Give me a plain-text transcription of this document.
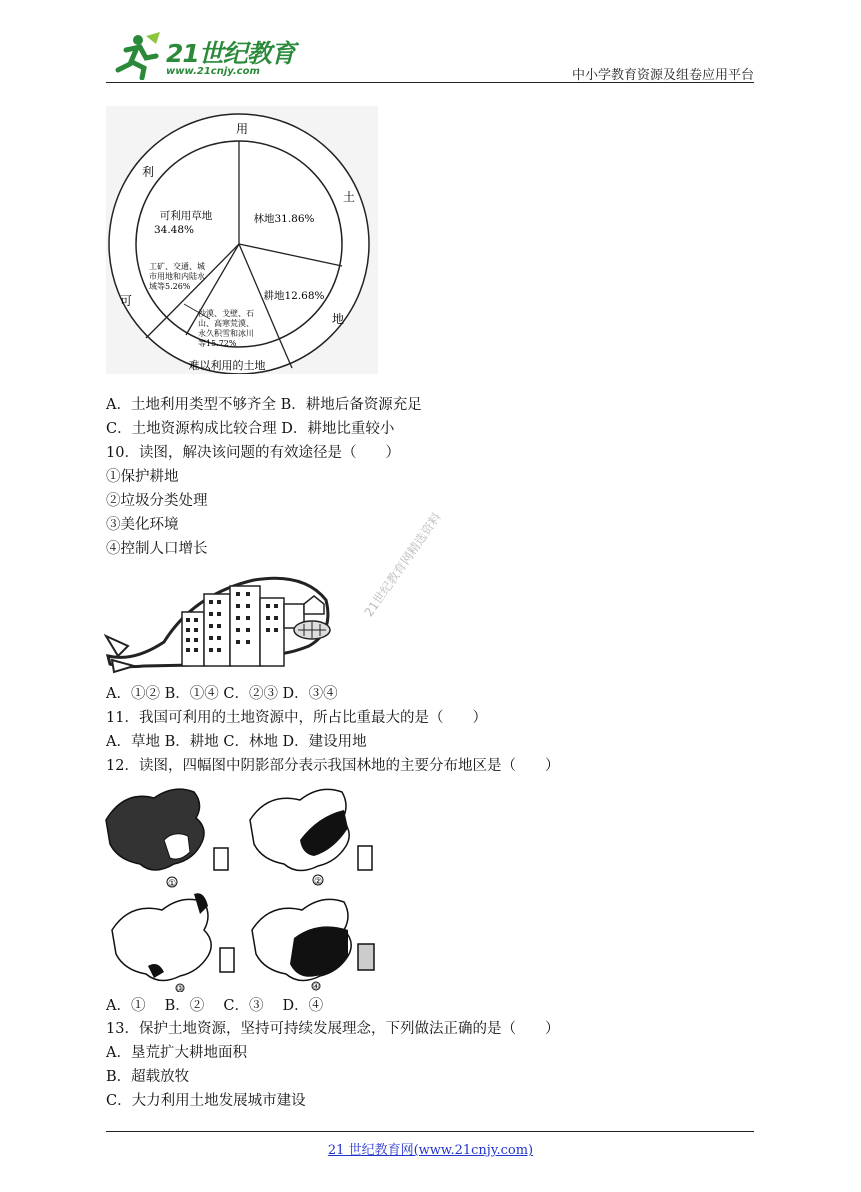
21世纪教育
www.21cnjy.com	中小学教育资源及组卷应用平台
用
土
地
可
利
难以利用的土地
林地31.86%
耕地12.68%
可利用草地
34.48%
工矿、交通、城
市用地和内陆水
域等5.26%
沙漠、戈壁、石
山、高寒荒漠、
永久积雪和冰川
等15.72%
A．土地利用类型不够齐全 B．耕地后备资源充足
C．土地资源构成比较合理 D．耕地比重较小
10．读图，解决该问题的有效途径是（　　）
①保护耕地
②垃圾分类处理
③美化环境
④控制人口增长	21世纪教育网精选资料
A．①② B．①④ C．②③ D．③④
11．我国可利用的土地资源中，所占比重最大的是（　　）
A．草地 B．耕地 C．林地 D．建设用地
12．读图，四幅图中阴影部分表示我国林地的主要分布地区是（　　）
①	②
③	④
A．①　 B．②　 C．③　 D．④
13．保护土地资源，坚持可持续发展理念，下列做法正确的是（　　）
A．垦荒扩大耕地面积
B．超载放牧
C．大力利用土地发展城市建设
21 世纪教育网(www.21cnjy.com)
